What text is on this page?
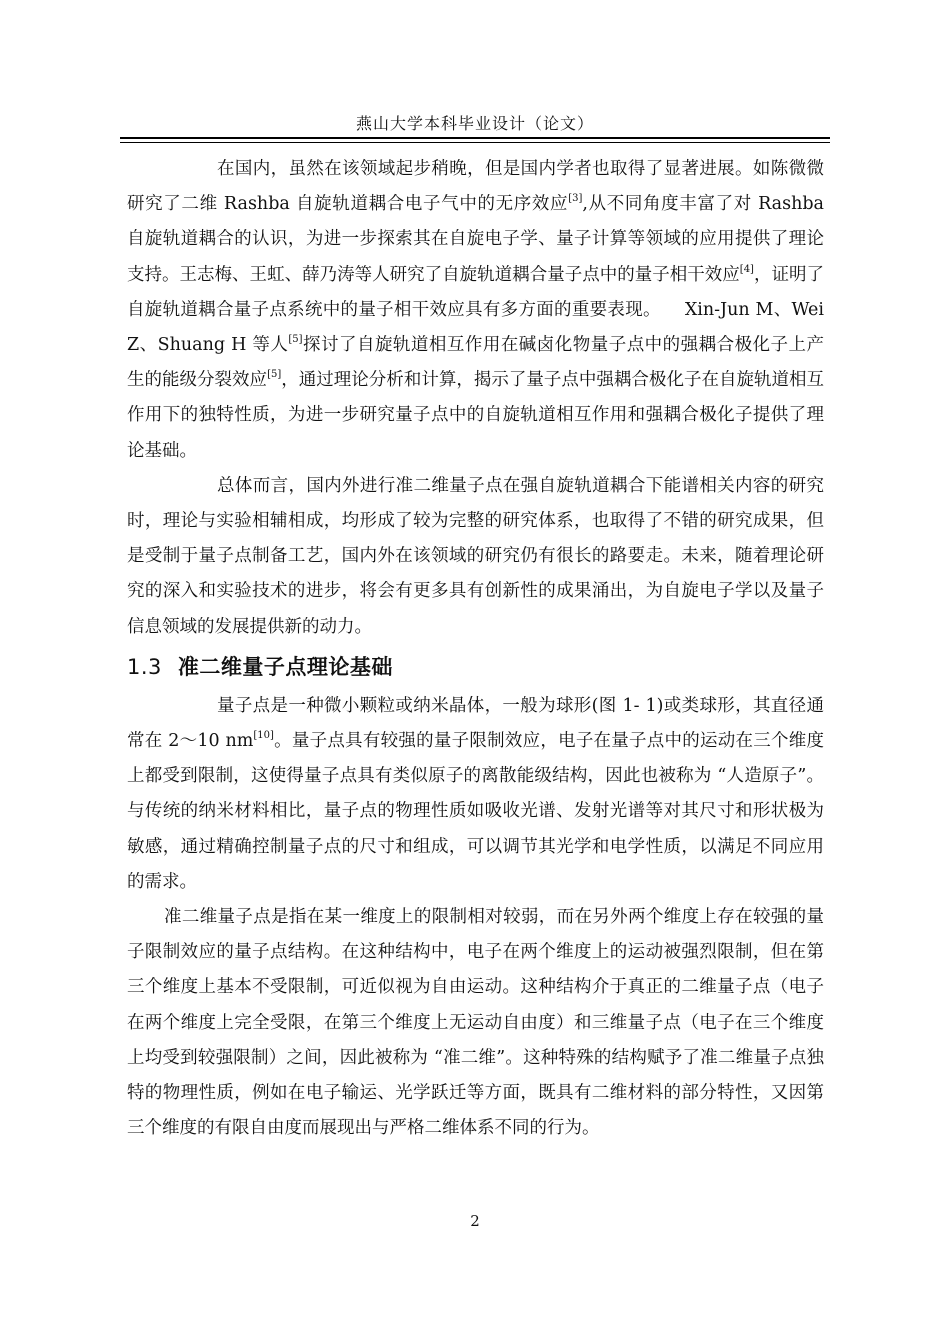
燕山大学本科毕业设计（论文）

在国内，虽然在该领域起步稍晚，但是国内学者也取得了显著进展。如陈微微研究了二维 Rashba 自旋轨道耦合电子气中的无序效应[3],从不同角度丰富了对 Rashba 自旋轨道耦合的认识，为进一步探索其在自旋电子学、量子计算等领域的应用提供了理论支持。王志梅、王虹、薛乃涛等人研究了自旋轨道耦合量子点中的量子相干效应[4]，证明了自旋轨道耦合量子点系统中的量子相干效应具有多方面的重要表现。 Xin-Jun M、Wei Z、Shuang H 等人[5]探讨了自旋轨道相互作用在碱卤化物量子点中的强耦合极化子上产生的能级分裂效应[5]，通过理论分析和计算，揭示了量子点中强耦合极化子在自旋轨道相互作用下的独特性质，为进一步研究量子点中的自旋轨道相互作用和强耦合极化子提供了理论基础。

总体而言，国内外进行准二维量子点在强自旋轨道耦合下能谱相关内容的研究时，理论与实验相辅相成，均形成了较为完整的研究体系，也取得了不错的研究成果，但是受制于量子点制备工艺，国内外在该领域的研究仍有很长的路要走。未来，随着理论研究的深入和实验技术的进步，将会有更多具有创新性的成果涌出，为自旋电子学以及量子信息领域的发展提供新的动力。

1.3 准二维量子点理论基础

量子点是一种微小颗粒或纳米晶体，一般为球形(图 1- 1)或类球形，其直径通常在 2～10 nm[10]。量子点具有较强的量子限制效应，电子在量子点中的运动在三个维度上都受到限制，这使得量子点具有类似原子的离散能级结构，因此也被称为 “人造原子”。与传统的纳米材料相比，量子点的物理性质如吸收光谱、发射光谱等对其尺寸和形状极为敏感，通过精确控制量子点的尺寸和组成，可以调节其光学和电学性质，以满足不同应用的需求。

准二维量子点是指在某一维度上的限制相对较弱，而在另外两个维度上存在较强的量子限制效应的量子点结构。在这种结构中，电子在两个维度上的运动被强烈限制，但在第三个维度上基本不受限制，可近似视为自由运动。这种结构介于真正的二维量子点（电子在两个维度上完全受限，在第三个维度上无运动自由度）和三维量子点（电子在三个维度上均受到较强限制）之间，因此被称为 “准二维”。这种特殊的结构赋予了准二维量子点独特的物理性质，例如在电子输运、光学跃迁等方面，既具有二维材料的部分特性，又因第三个维度的有限自由度而展现出与严格二维体系不同的行为。

2
